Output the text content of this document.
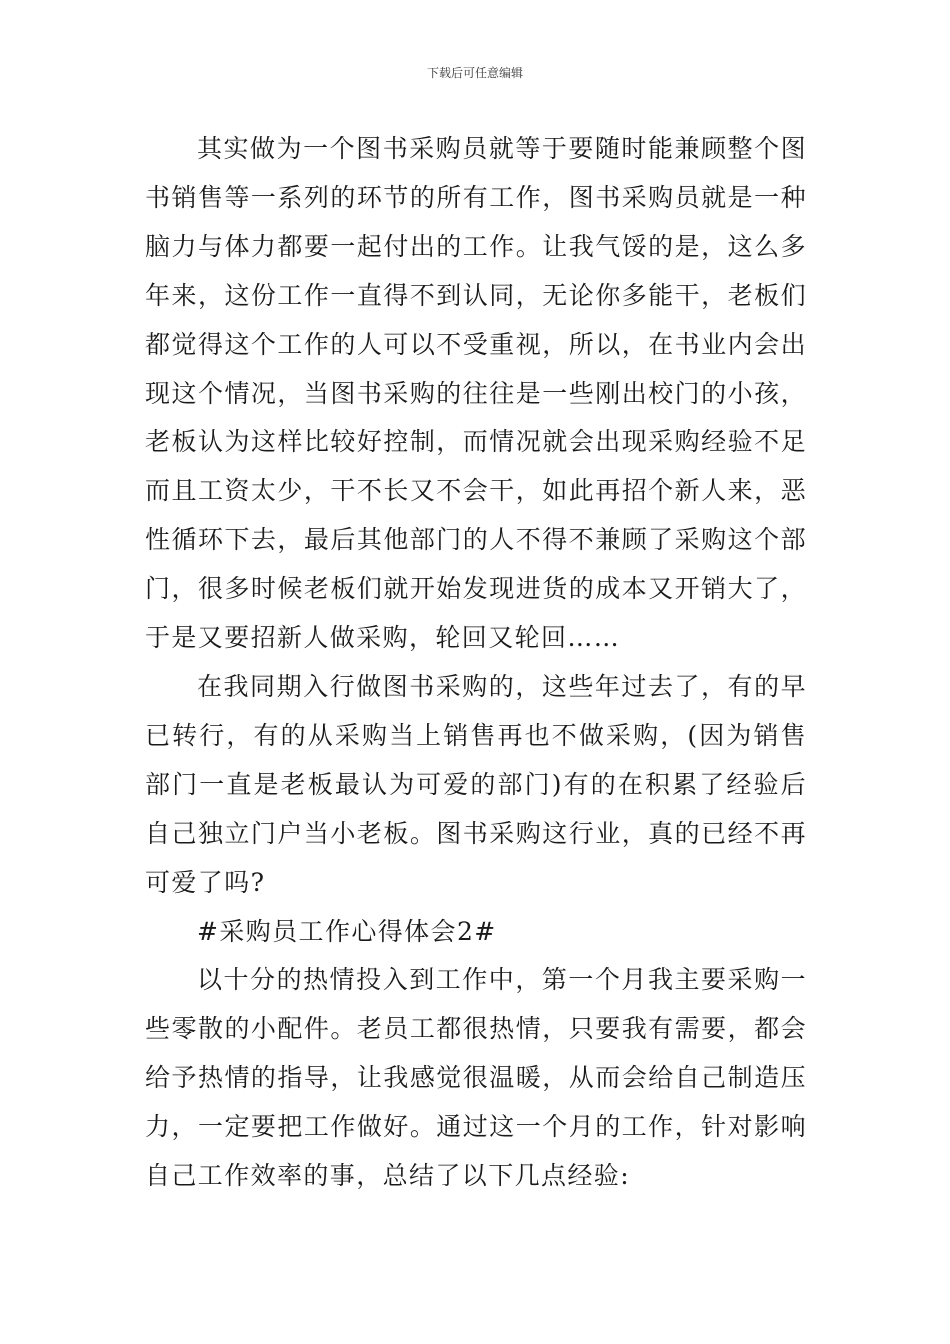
下载后可任意编辑

其实做为一个图书采购员就等于要随时能兼顾整个图书销售等一系列的环节的所有工作，图书采购员就是一种脑力与体力都要一起付出的工作。让我气馁的是，这么多年来，这份工作一直得不到认同，无论你多能干，老板们都觉得这个工作的人可以不受重视，所以，在书业内会出现这个情况，当图书采购的往往是一些刚出校门的小孩，老板认为这样比较好控制，而情况就会出现采购经验不足而且工资太少，干不长又不会干，如此再招个新人来，恶性循环下去，最后其他部门的人不得不兼顾了采购这个部门，很多时候老板们就开始发现进货的成本又开销大了，于是又要招新人做采购，轮回又轮回……

在我同期入行做图书采购的，这些年过去了，有的早已转行，有的从采购当上销售再也不做采购，(因为销售部门一直是老板最认为可爱的部门)有的在积累了经验后自己独立门户当小老板。图书采购这行业，真的已经不再可爱了吗?

#采购员工作心得体会2#

以十分的热情投入到工作中，第一个月我主要采购一些零散的小配件。老员工都很热情，只要我有需要，都会给予热情的指导，让我感觉很温暖，从而会给自己制造压力，一定要把工作做好。通过这一个月的工作，针对影响自己工作效率的事，总结了以下几点经验:
